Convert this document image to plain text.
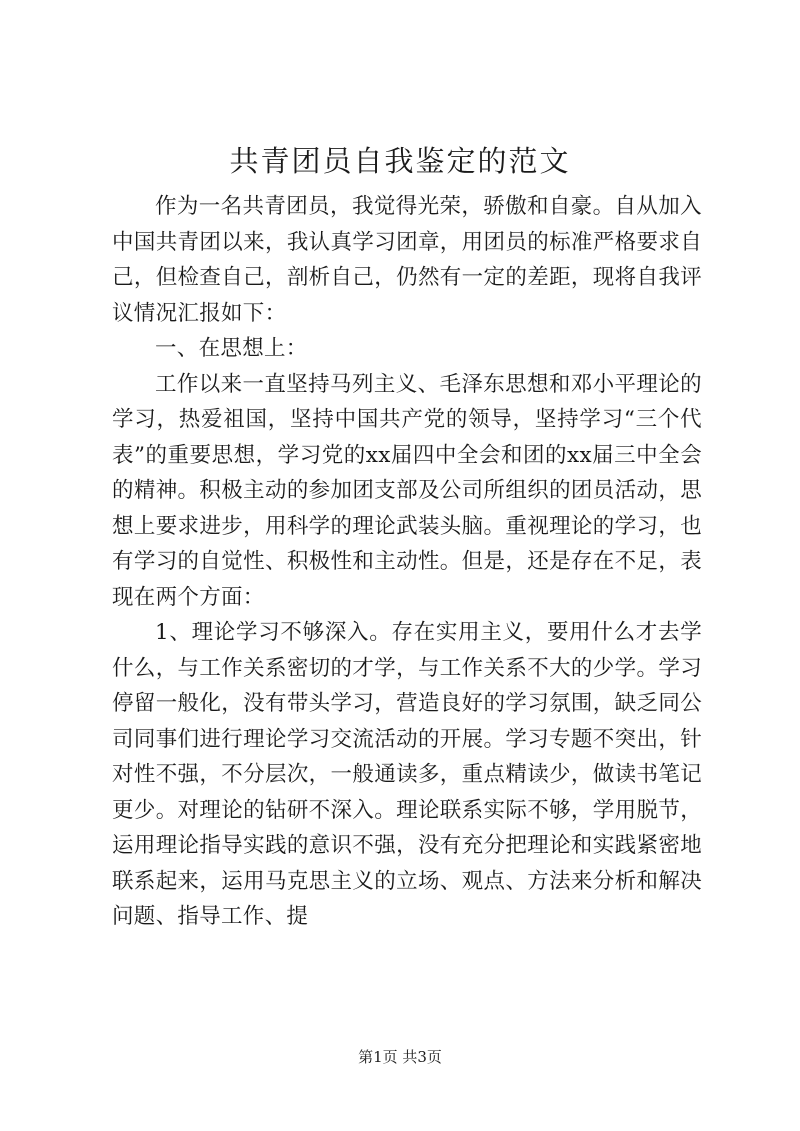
共青团员自我鉴定的范文

作为一名共青团员，我觉得光荣，骄傲和自豪。自从加入中国共青团以来，我认真学习团章，用团员的标准严格要求自己，但检查自己，剖析自己，仍然有一定的差距，现将自我评议情况汇报如下：

一、在思想上：

工作以来一直坚持马列主义、毛泽东思想和邓小平理论的学习，热爱祖国，坚持中国共产党的领导，坚持学习“三个代表”的重要思想，学习党的xx届四中全会和团的xx届三中全会的精神。积极主动的参加团支部及公司所组织的团员活动，思想上要求进步，用科学的理论武装头脑。重视理论的学习，也有学习的自觉性、积极性和主动性。但是，还是存在不足，表现在两个方面：

1、理论学习不够深入。存在实用主义，要用什么才去学什么，与工作关系密切的才学，与工作关系不大的少学。学习停留一般化，没有带头学习，营造良好的学习氛围，缺乏同公司同事们进行理论学习交流活动的开展。学习专题不突出，针对性不强，不分层次，一般通读多，重点精读少，做读书笔记更少。对理论的钻研不深入。理论联系实际不够，学用脱节，运用理论指导实践的意识不强，没有充分把理论和实践紧密地联系起来，运用马克思主义的立场、观点、方法来分析和解决问题、指导工作、提

第1页 共3页
